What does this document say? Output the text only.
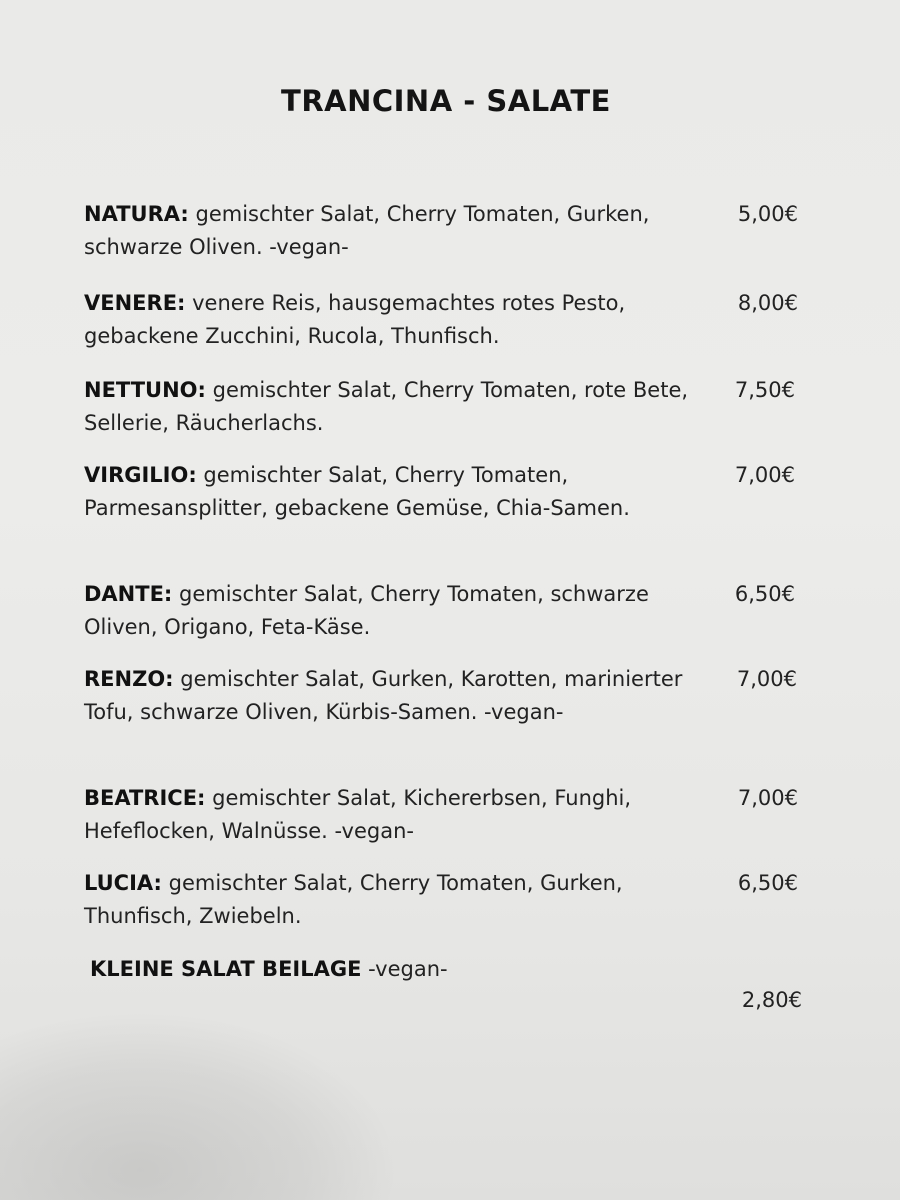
TRANCINA - SALATE
NATURA: gemischter Salat, Cherry Tomaten, Gurken, schwarze Oliven. -vegan-
5,00€
VENERE: venere Reis, hausgemachtes rotes Pesto, gebackene Zucchini, Rucola, Thunfisch.
8,00€
NETTUNO: gemischter Salat, Cherry Tomaten, rote Bete, Sellerie, Räucherlachs.
7,50€
VIRGILIO: gemischter Salat, Cherry Tomaten, Parmesansplitter, gebackene Gemüse, Chia-Samen.
7,00€
DANTE: gemischter Salat, Cherry Tomaten, schwarze Oliven, Origano, Feta-Käse.
6,50€
RENZO: gemischter Salat, Gurken, Karotten, marinierter Tofu, schwarze Oliven, Kürbis-Samen. -vegan-
7,00€
BEATRICE: gemischter Salat, Kichererbsen, Funghi, Hefeflocken, Walnüsse. -vegan-
7,00€
LUCIA: gemischter Salat, Cherry Tomaten, Gurken, Thunfisch, Zwiebeln.
6,50€
KLEINE SALAT BEILAGE -vegan-
2,80€
